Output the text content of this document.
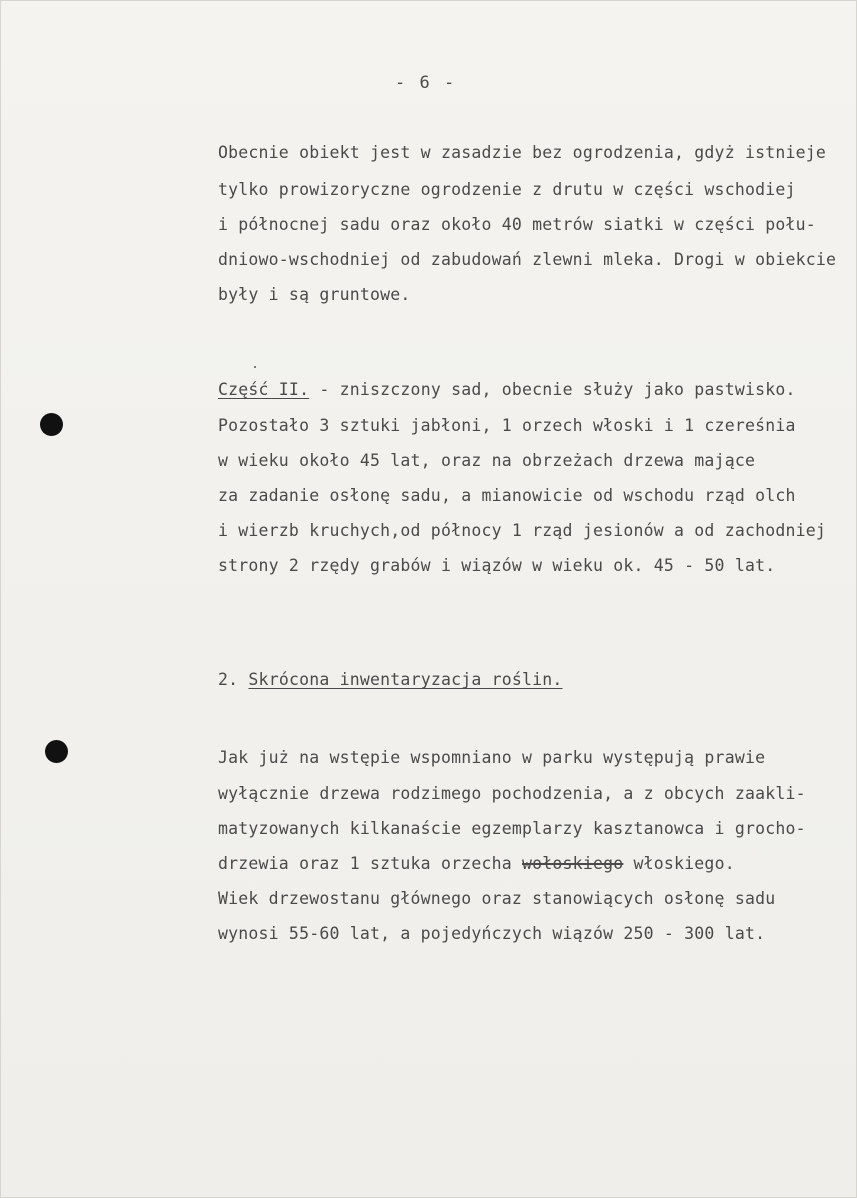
- 6 -
Obecnie obiekt jest w zasadzie bez ogrodzenia, gdyż istnieje
tylko prowizoryczne ogrodzenie z drutu w części wschodiej
i północnej sadu oraz około 40 metrów siatki w części połu-
dniowo-wschodniej od zabudowań zlewni mleka. Drogi w obiekcie
były i są gruntowe.
Część II. - zniszczony sad, obecnie służy jako pastwisko.
Pozostało 3 sztuki jabłoni, 1 orzech włoski i 1 czereśnia
w wieku około 45 lat, oraz na obrzeżach drzewa mające
za zadanie osłonę sadu, a mianowicie od wschodu rząd olch
i wierzb kruchych,od północy 1 rząd jesionów a od zachodniej
strony 2 rzędy grabów i wiązów w wieku ok. 45 - 50 lat.
2. Skrócona inwentaryzacja roślin.
Jak już na wstępie wspomniano w parku występują prawie
wyłącznie drzewa rodzimego pochodzenia, a z obcych zaakli-
matyzowanych kilkanaście egzemplarzy kasztanowca i grocho-
drzewia oraz 1 sztuka orzecha wołoskiego włoskiego.
Wiek drzewostanu głównego oraz stanowiących osłonę sadu
wynosi 55-60 lat, a pojedyńczych wiązów 250 - 300 lat.
